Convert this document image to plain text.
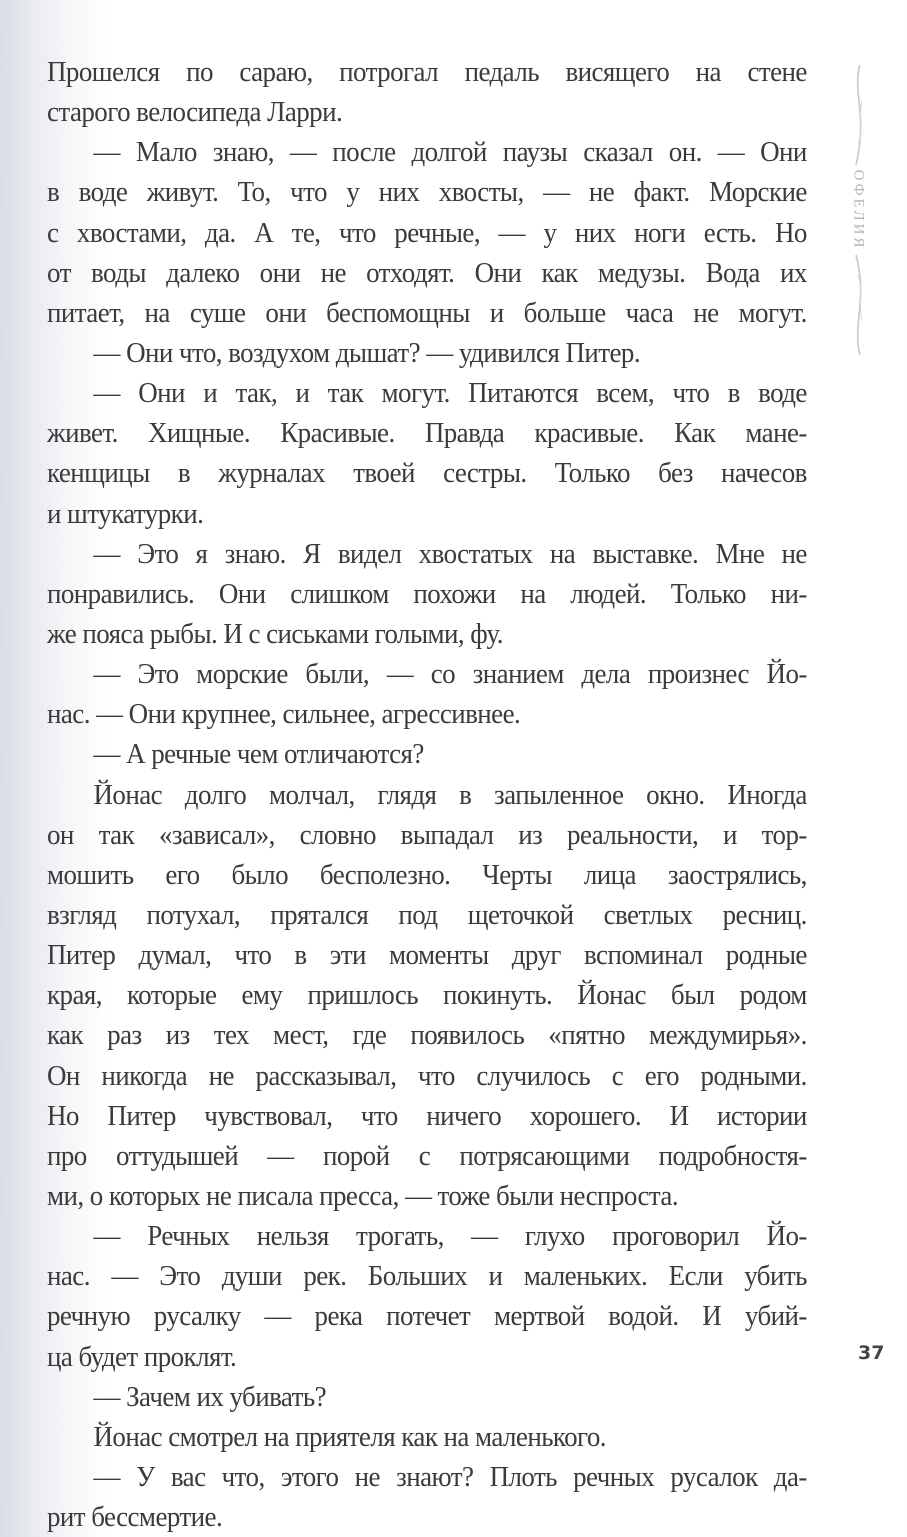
Прошелся по сараю, потрогал педаль висящего на стене
старого велосипеда Ларри.
— Мало знаю, — после долгой паузы сказал он. — Они
в воде живут. То, что у них хвосты, — не факт. Морские
с хвостами, да. А те, что речные, — у них ноги есть. Но
от воды далеко они не отходят. Они как медузы. Вода их
питает, на суше они беспомощны и больше часа не могут.
— Они что, воздухом дышат? — удивился Питер.
— Они и так, и так могут. Питаются всем, что в воде
живет. Хищные. Красивые. Правда красивые. Как мане-
кенщицы в журналах твоей сестры. Только без начесов
и штукатурки.
— Это я знаю. Я видел хвостатых на выставке. Мне не
понравились. Они слишком похожи на людей. Только ни-
же пояса рыбы. И с сиськами голыми, фу.
— Это морские были, — со знанием дела произнес Йо-
нас. — Они крупнее, сильнее, агрессивнее.
— А речные чем отличаются?
Йонас долго молчал, глядя в запыленное окно. Иногда
он так «зависал», словно выпадал из реальности, и тор-
мошить его было бесполезно. Черты лица заострялись,
взгляд потухал, прятался под щеточкой светлых ресниц.
Питер думал, что в эти моменты друг вспоминал родные
края, которые ему пришлось покинуть. Йонас был родом
как раз из тех мест, где появилось «пятно междумирья».
Он никогда не рассказывал, что случилось с его родными.
Но Питер чувствовал, что ничего хорошего. И истории
про оттудышей — порой с потрясающими подробностя-
ми, о которых не писала пресса, — тоже были неспроста.
— Речных нельзя трогать, — глухо проговорил Йо-
нас. — Это души рек. Больших и маленьких. Если убить
речную русалку — река потечет мертвой водой. И убий-
ца будет проклят.
— Зачем их убивать?
Йонас смотрел на приятеля как на маленького.
— У вас что, этого не знают? Плоть речных русалок да-
рит бессмертие.
ОФЕЛИЯ
37
